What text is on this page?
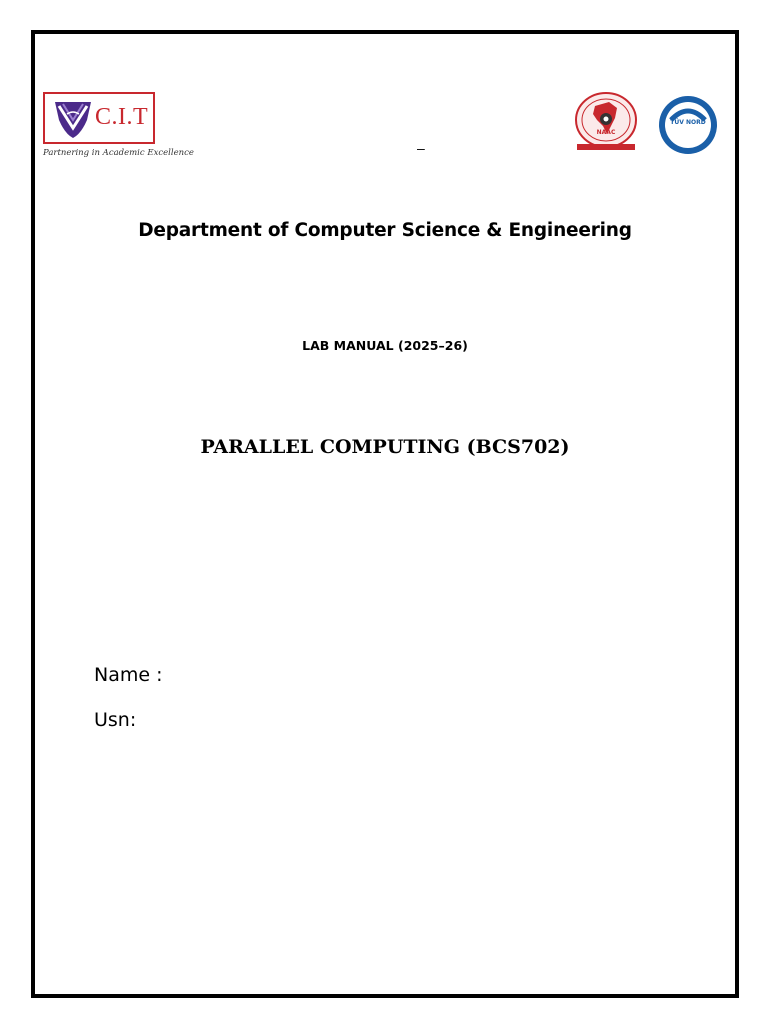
C.I.T
Partnering in Academic Excellence	–
NAAC
TÜV NORD
ISO 9001
Department of Computer Science & Engineering
LAB MANUAL (2025–26)
PARALLEL COMPUTING (BCS702)
Name :
Usn:
